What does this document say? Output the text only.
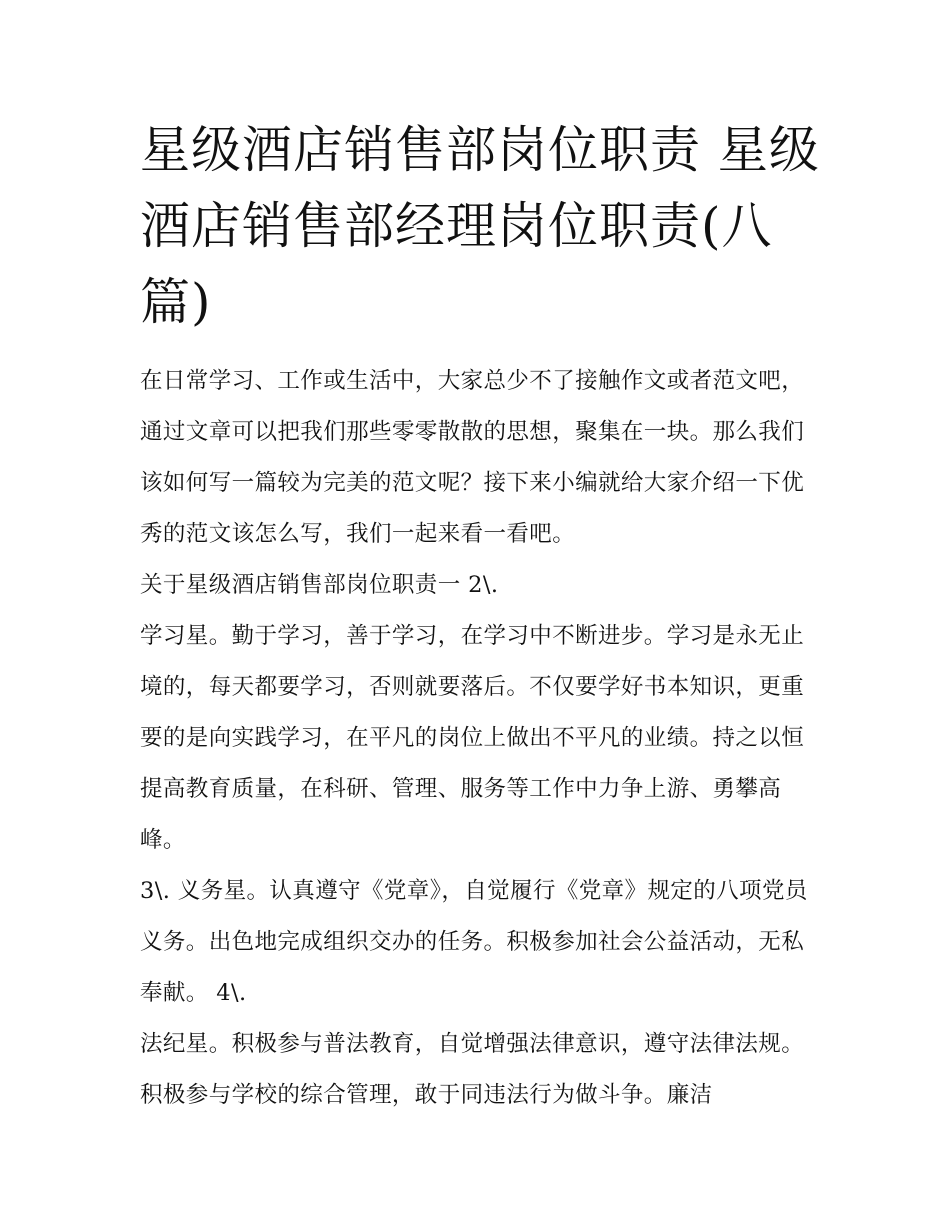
星级酒店销售部岗位职责 星级酒店销售部经理岗位职责(八篇)

在日常学习、工作或生活中，大家总少不了接触作文或者范文吧，通过文章可以把我们那些零零散散的思想，聚集在一块。那么我们该如何写一篇较为完美的范文呢？接下来小编就给大家介绍一下优秀的范文该怎么写，我们一起来看一看吧。

关于星级酒店销售部岗位职责一 2\.

学习星。勤于学习，善于学习，在学习中不断进步。学习是永无止境的，每天都要学习，否则就要落后。不仅要学好书本知识，更重要的是向实践学习，在平凡的岗位上做出不平凡的业绩。持之以恒提高教育质量，在科研、管理、服务等工作中力争上游、勇攀高峰。

3\. 义务星。认真遵守《党章》，自觉履行《党章》规定的八项党员义务。出色地完成组织交办的任务。积极参加社会公益活动，无私奉献。 4\.

法纪星。积极参与普法教育，自觉增强法律意识，遵守法律法规。积极参与学校的综合管理，敢于同违法行为做斗争。廉洁
